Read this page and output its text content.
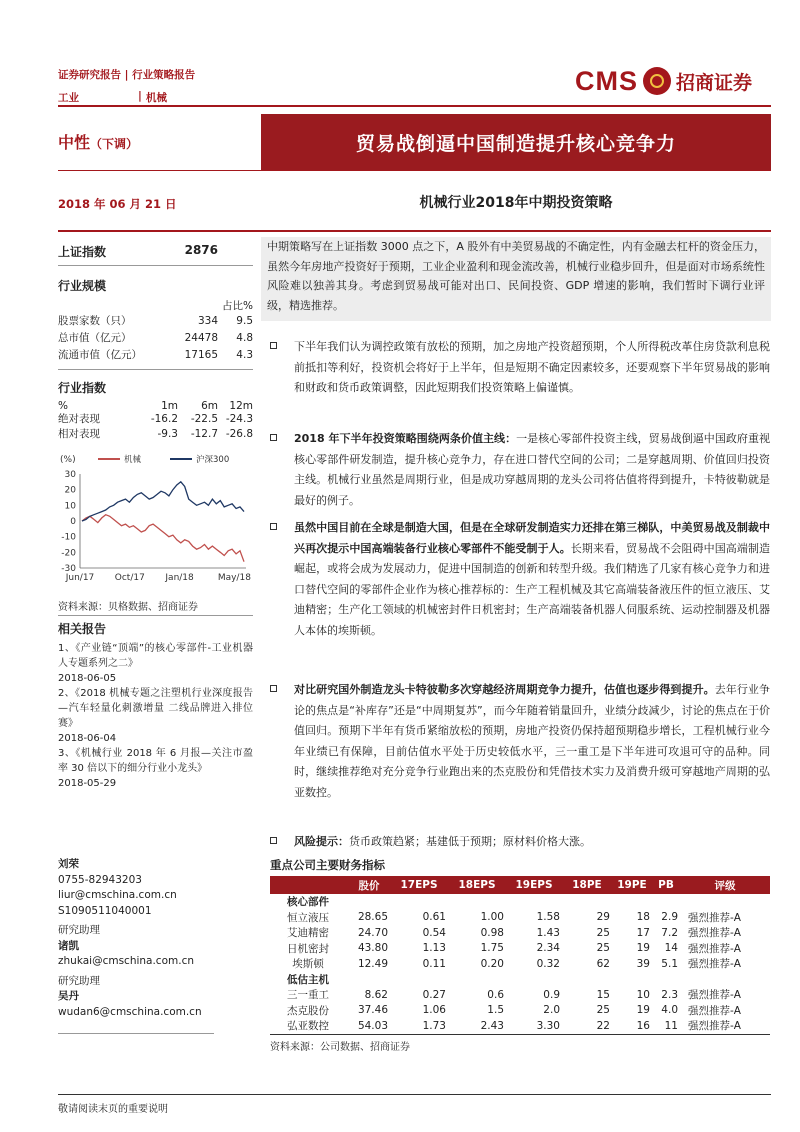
证券研究报告 | 行业策略报告
工业	| 机械
CMS 招商证券
中性（下调）	贸易战倒逼中国制造提升核心竞争力
2018 年 06 月 21 日	机械行业2018年中期投资策略
上证指数	2876
行业规模
占比%
股票家数（只）	334	9.5
总市值（亿元）	24478	4.8
流通市值（亿元）	17165	4.3
行业指数
%	1m	6m	12m
绝对表现	-16.2	-22.5 -24.3
相对表现	-9.3	-12.7 -26.8
(%)	机械	沪深300
30
20
10
0
-10
-20
-30
Jun/17 Oct/17 Jan/18	May/18
资料来源：贝格数据、招商证券
相关报告
1、《产业链“顶端”的核心零部件-工业机器人专题系列之二》
2018-06-05
2、《2018 机械专题之注塑机行业深度报告—汽车轻量化刺激增量 二线品牌进入排位赛》
2018-06-04
3、《机械行业 2018 年 6 月报—关注市盈率 30 倍以下的细分行业小龙头》
2018-05-29
刘荣
0755-82943203
liur@cmschina.com.cn
S1090511040001
研究助理
诸凯
zhukai@cmschina.com.cn
研究助理
吴丹
wudan6@cmschina.com.cn
中期策略写在上证指数 3000 点之下，A 股外有中美贸易战的不确定性，内有金融去杠杆的资金压力，虽然今年房地产投资好于预期，工业企业盈利和现金流改善，机械行业稳步回升，但是面对市场系统性风险难以独善其身。考虑到贸易战可能对出口、民间投资、GDP 增速的影响，我们暂时下调行业评级，精选推荐。
下半年我们认为调控政策有放松的预期，加之房地产投资超预期，个人所得税改革住房贷款利息税前抵扣等利好，投资机会将好于上半年，但是短期不确定因素较多，还要观察下半年贸易战的影响和财政和货币政策调整，因此短期我们投资策略上偏谨慎。
2018 年下半年投资策略围绕两条价值主线：一是核心零部件投资主线，贸易战倒逼中国政府重视核心零部件研发制造，提升核心竞争力，存在进口替代空间的公司；二是穿越周期、价值回归投资主线。机械行业虽然是周期行业，但是成功穿越周期的龙头公司将估值将得到提升，卡特彼勒就是最好的例子。
虽然中国目前在全球是制造大国，但是在全球研发制造实力还排在第三梯队，中美贸易战及制裁中兴再次提示中国高端装备行业核心零部件不能受制于人。长期来看，贸易战不会阻碍中国高端制造崛起，或将会成为发展动力，促进中国制造的创新和转型升级。我们精选了几家有核心竞争力和进口替代空间的零部件企业作为核心推荐标的：生产工程机械及其它高端装备液压件的恒立液压、艾迪精密；生产化工领域的机械密封件日机密封；生产高端装备机器人伺服系统、运动控制器及机器人本体的埃斯顿。
对比研究国外制造龙头卡特彼勒多次穿越经济周期竞争力提升，估值也逐步得到提升。去年行业争论的焦点是“补库存”还是“中周期复苏”，而今年随着销量回升，业绩分歧减少，讨论的焦点在于价值回归。预期下半年有货币紧缩放松的预期，房地产投资仍保持超预期稳步增长，工程机械行业今年业绩已有保障，目前估值水平处于历史较低水平，三一重工是下半年进可攻退可守的品种。同时，继续推荐绝对充分竞争行业跑出来的杰克股份和凭借技术实力及消费升级可穿越地产周期的弘亚数控。
风险提示：货币政策趋紧；基建低于预期；原材料价格大涨。
重点公司主要财务指标
	股价	17EPS	18EPS	19EPS	18PE	19PE	PB	评级
核心部件								
恒立液压	28.65	0.61	1.00	1.58	29	18	2.9	强烈推荐-A
艾迪精密	24.70	0.54	0.98	1.43	25	17	7.2	强烈推荐-A
日机密封	43.80	1.13	1.75	2.34	25	19	14	强烈推荐-A
埃斯顿	12.49	0.11	0.20	0.32	62	39	5.1	强烈推荐-A
低估主机								
三一重工	8.62	0.27	0.6	0.9	15	10	2.3	强烈推荐-A
杰克股份	37.46	1.06	1.5	2.0	25	19	4.0	强烈推荐-A
弘亚数控	54.03	1.73	2.43	3.30	22	16	11	强烈推荐-A
资料来源：公司数据、招商证券
敬请阅读末页的重要说明
